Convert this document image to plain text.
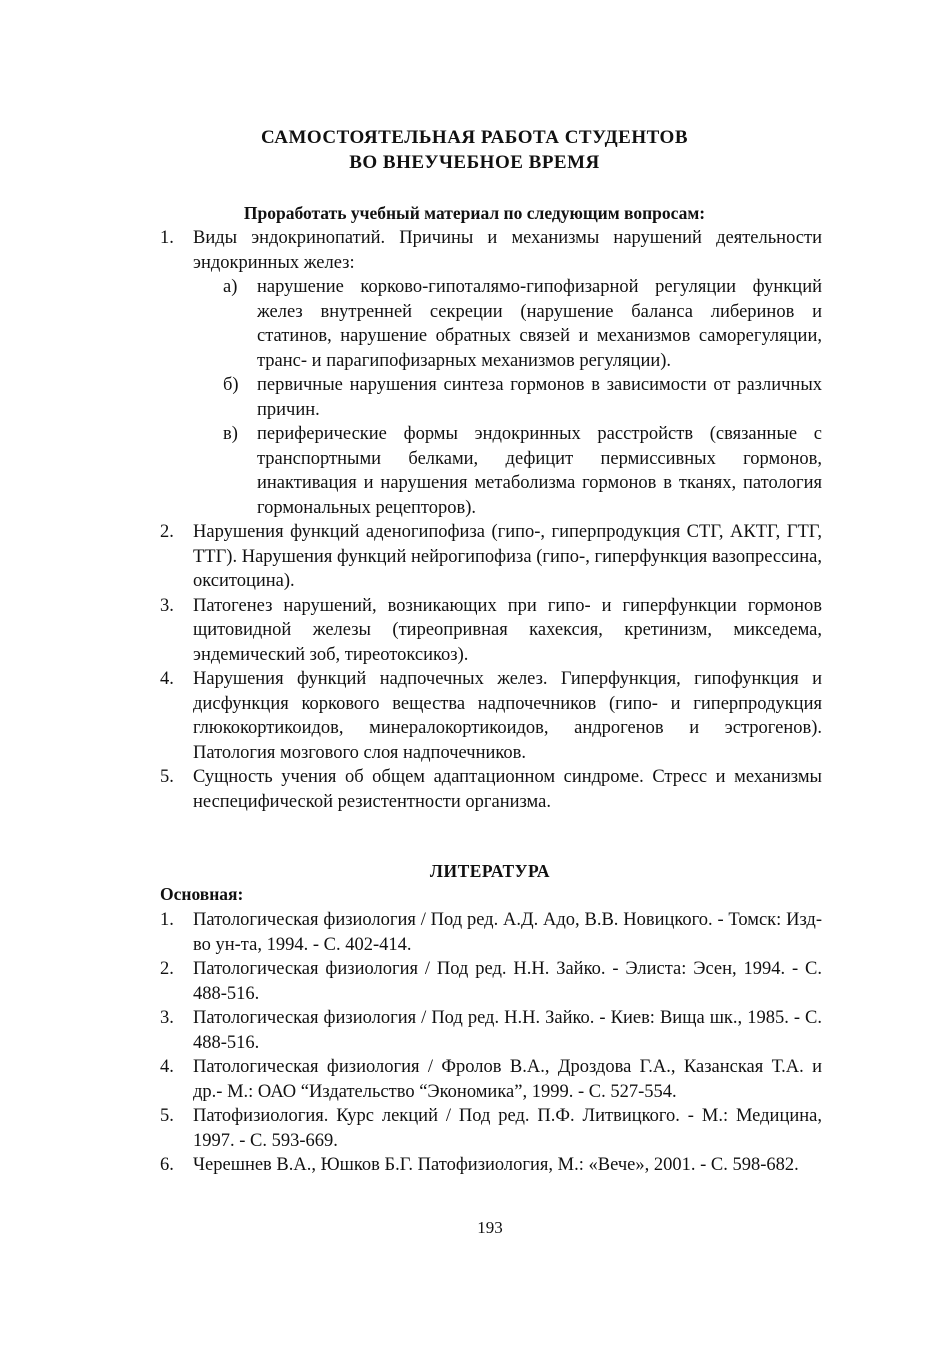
САМОСТОЯТЕЛЬНАЯ РАБОТА СТУДЕНТОВ
ВО ВНЕУЧЕБНОЕ ВРЕМЯ
Проработать учебный материал по следующим вопросам:
1. Виды эндокринопатий. Причины и механизмы нарушений деятельности эндокринных желез:
а)	нарушение корково-гипоталямо-гипофизарной регуляции функций желез внутренней секреции (нарушение баланса либеринов и статинов, нарушение обратных связей и механизмов саморегуляции, транс- и парагипофизарных механизмов регуляции).
б) первичные нарушения синтеза гормонов в зависимости от различных причин.
в)	периферические формы эндокринных расстройств (связанные с транспортными белками, дефицит пермиссивных гормонов, инактивация и нарушения метаболизма гормонов в тканях, патология гормональных рецепторов).
2. Нарушения функций аденогипофиза (гипо-, гиперпродукция СТГ, АКТГ, ГТГ, ТТГ). Нарушения функций нейрогипофиза (гипо-, гиперфункция вазопрессина, окситоцина).
3. Патогенез нарушений, возникающих при гипо- и гиперфункции гормонов щитовидной железы (тиреопривная кахексия, кретинизм, микседема, эндемический зоб, тиреотоксикоз).
4. Нарушения функций надпочечных желез. Гиперфункция, гипофункция и дисфункция коркового вещества надпочечников (гипо- и гиперпродукция глюкокортикоидов, минералокортикоидов, андрогенов и эстрогенов). Патология мозгового слоя надпочечников.
5. Сущность учения об общем адаптационном синдроме. Стресс и механизмы неспецифической резистентности организма.
ЛИТЕРАТУРА
Основная:
1. Патологическая физиология / Под ред. А.Д. Адо, В.В. Новицкого. - Томск: Изд-во ун-та, 1994. - С. 402-414.
2. Патологическая физиология / Под ред. Н.Н. Зайко. - Элиста: Эсен, 1994. - С. 488-516.
3. Патологическая физиология / Под ред. Н.Н. Зайко. - Киев: Вища шк., 1985. - С. 488-516.
4. Патологическая физиология / Фролов В.А., Дроздова Г.А., Казанская Т.А. и др.- М.: ОАО “Издательство “Экономика”, 1999. - С. 527-554.
5. Патофизиология. Курс лекций / Под ред. П.Ф. Литвицкого. - М.: Медицина, 1997. - С. 593-669.
6. Черешнев В.А., Юшков Б.Г. Патофизиология, М.: «Вече», 2001. - С. 598-682.
193
